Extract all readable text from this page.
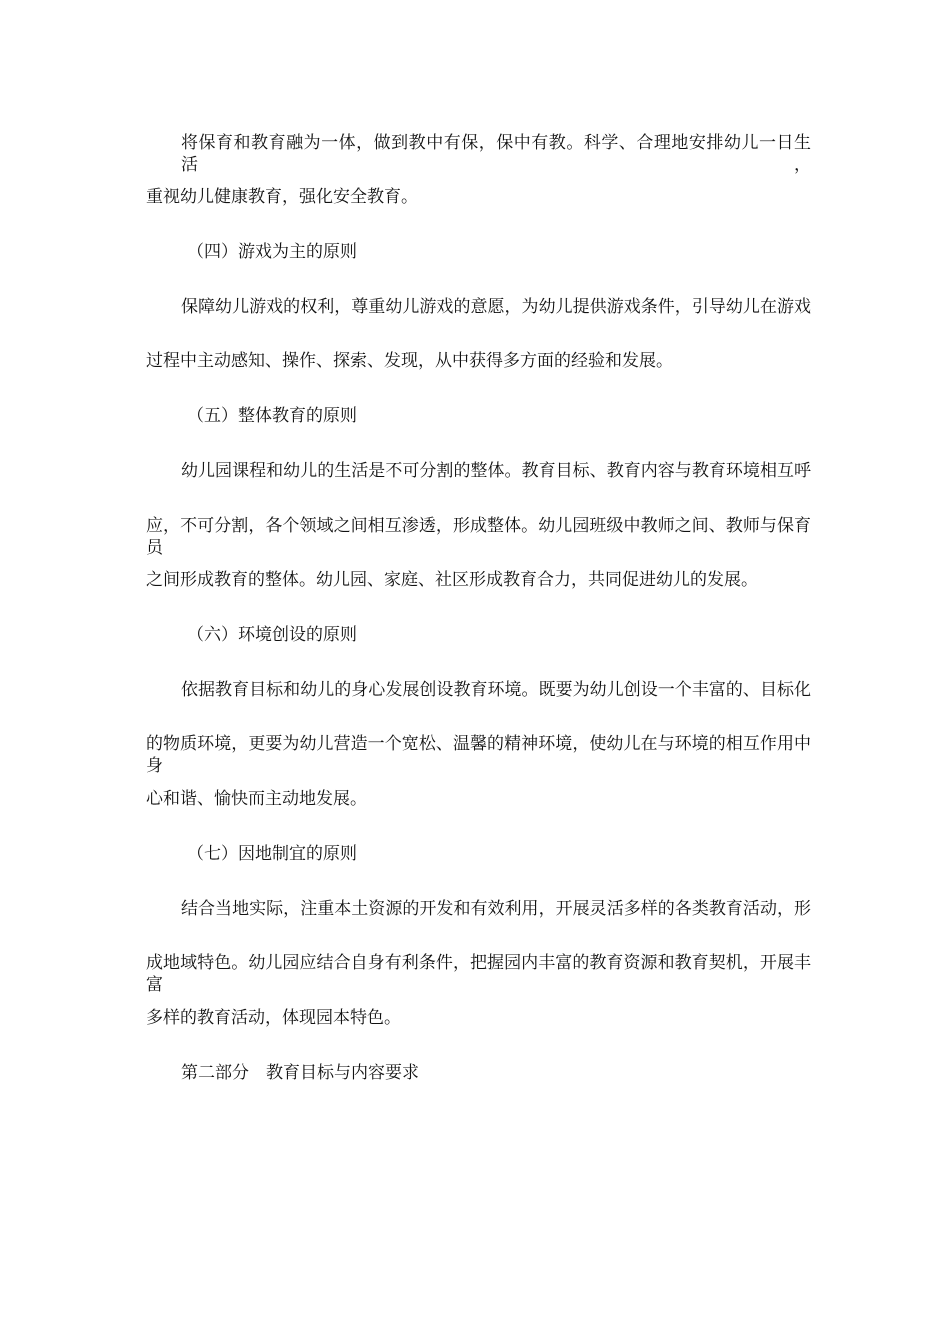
将保育和教育融为一体，做到教中有保，保中有教。科学、合理地安排幼儿一日生活，
重视幼儿健康教育，强化安全教育。
（四）游戏为主的原则
保障幼儿游戏的权利，尊重幼儿游戏的意愿，为幼儿提供游戏条件，引导幼儿在游戏
过程中主动感知、操作、探索、发现，从中获得多方面的经验和发展。
（五）整体教育的原则
幼儿园课程和幼儿的生活是不可分割的整体。教育目标、教育内容与教育环境相互呼
应，不可分割，各个领域之间相互渗透，形成整体。幼儿园班级中教师之间、教师与保育员
之间形成教育的整体。幼儿园、家庭、社区形成教育合力，共同促进幼儿的发展。
（六）环境创设的原则
依据教育目标和幼儿的身心发展创设教育环境。既要为幼儿创设一个丰富的、目标化
的物质环境，更要为幼儿营造一个宽松、温馨的精神环境，使幼儿在与环境的相互作用中身
心和谐、愉快而主动地发展。
（七）因地制宜的原则
结合当地实际，注重本土资源的开发和有效利用，开展灵活多样的各类教育活动，形
成地域特色。幼儿园应结合自身有利条件，把握园内丰富的教育资源和教育契机，开展丰富
多样的教育活动，体现园本特色。
第二部分　教育目标与内容要求
